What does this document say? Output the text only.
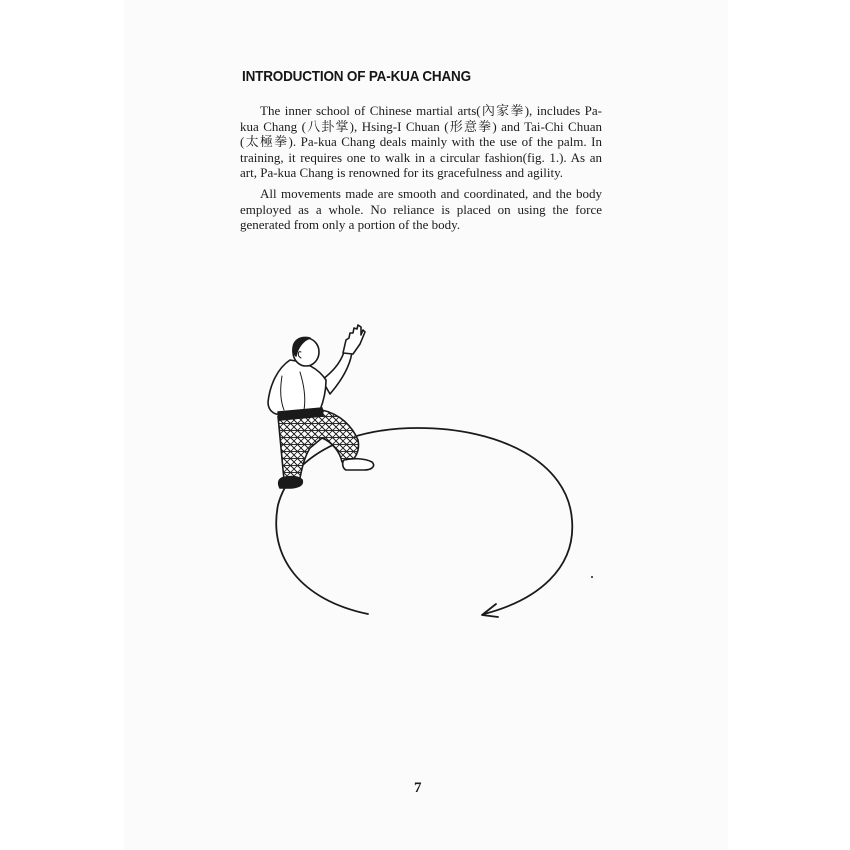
INTRODUCTION OF PA-KUA CHANG

The inner school of Chinese martial arts(內家拳), includes Pa-kua Chang (八卦掌), Hsing-I Chuan (形意拳) and Tai-Chi Chuan (太極拳). Pa-kua Chang deals mainly with the use of the palm. In training, it requires one to walk in a circular fashion(fig. 1.). As an art, Pa-kua Chang is renowned for its gracefulness and agility.

All movements made are smooth and coordinated, and the body employed as a whole. No reliance is placed on using the force generated from only a portion of the body.

7
